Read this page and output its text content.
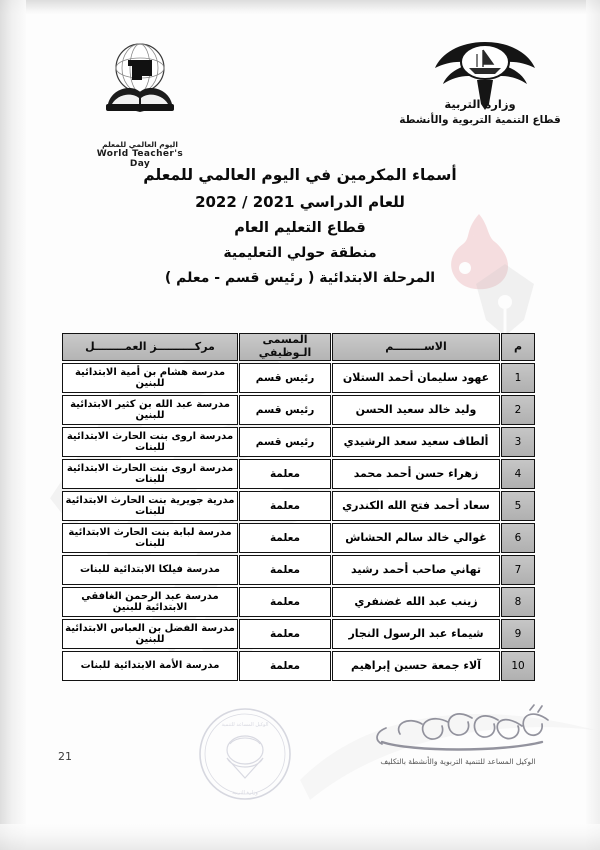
اليوم العالمي للمعلم
World Teacher's Day
وزارة التربية
قطاع التنمية التربوية والأنشطة
أسماء المكرمين في اليوم العالمي للمعلم
للعام الدراسي 2021 / 2022
قطاع التعليم العام
منطقة حولي التعليمية
المرحلة الابتدائية ( رئيس قسم - معلم )
م	الاســــــــم	المسمى الـوظيفي	مركــــــــــز العمــــــــل
1	عهود سليمان أحمد الستلان	رئيس قسم	مدرسة هشام بن أمية الابتدائية للبنين
2	وليد خالد سعيد الحسن	رئيس قسم	مدرسة عبد الله بن كثير الابتدائية للبنين
3	ألطاف سعيد سعد الرشيدي	رئيس قسم	مدرسة اروى بنت الحارث الابتدائية للبنات
4	زهراء حسن أحمد محمد	معلمة	مدرسة اروى بنت الحارث الابتدائية للبنات
5	سعاد أحمد فتح الله الكندري	معلمة	مدرية جويرية بنت الحارث الابتدائية للبنات
6	غوالي خالد سالم الحشاش	معلمة	مدرسة لبابة بنت الحارث الابتدائية للبنات
7	تهاني صاحب أحمد رشيد	معلمة	مدرسة فيلكا الابتدائية للبنات
8	زينب عبد الله غضنفري	معلمة	مدرسة عبد الرحمن الغافقي الابتدائية للبنين
9	شيماء عبد الرسول النجار	معلمة	مدرسة الفضل بن العباس الابتدائية للبنين
10	آلاء جمعة حسين إبراهيم	معلمة	مدرسة الأمة الابتدائية للبنات
الوكيل المساعد للتنمية
وزارة التربية
الوكيل المساعد للتنمية التربوية والأنشطة بالتكليف
21
